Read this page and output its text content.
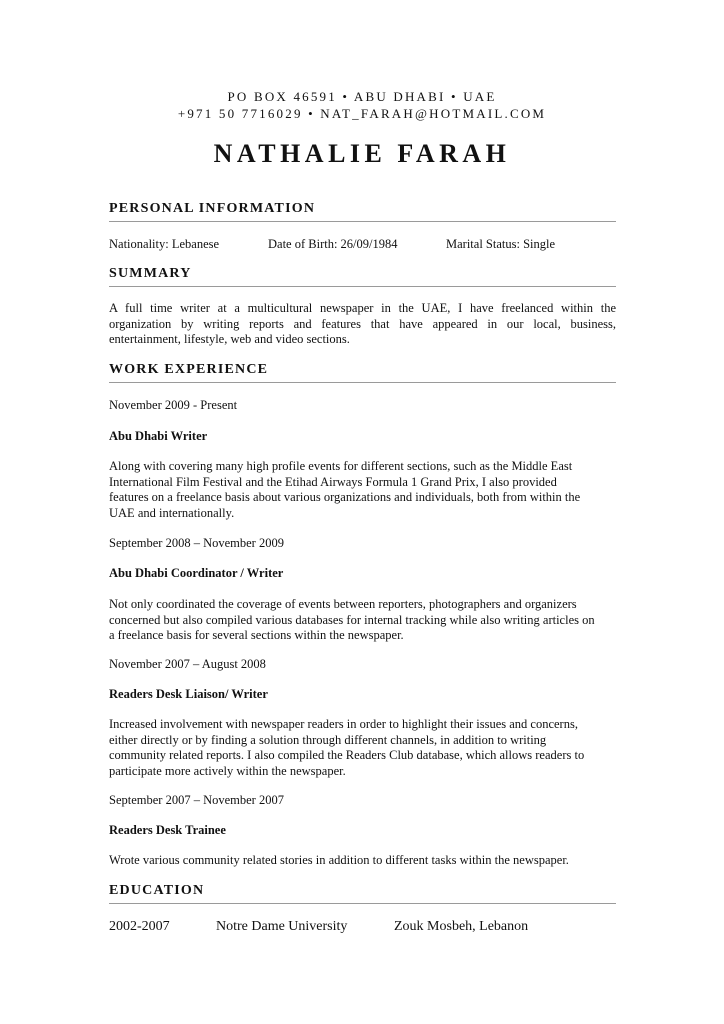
PO BOX 46591 • ABU DHABI • UAE
+971 50 7716029 • NAT_FARAH@HOTMAIL.COM
NATHALIE FARAH
PERSONAL INFORMATION
Nationality: Lebanese	Date of Birth: 26/09/1984	Marital Status: Single
SUMMARY
A full time writer at a multicultural newspaper in the UAE, I have freelanced within the
organization by writing reports and features that have appeared in our local, business,
entertainment, lifestyle, web and video sections.
WORK EXPERIENCE
November 2009 - Present
Abu Dhabi Writer
Along with covering many high profile events for different sections, such as the Middle East
International Film Festival and the Etihad Airways Formula 1 Grand Prix, I also provided
features on a freelance basis about various organizations and individuals, both from within the
UAE and internationally.
September 2008 – November 2009
Abu Dhabi Coordinator / Writer
Not only coordinated the coverage of events between reporters, photographers and organizers
concerned but also compiled various databases for internal tracking while also writing articles on
a freelance basis for several sections within the newspaper.
November 2007 – August 2008
Readers Desk Liaison/ Writer
Increased involvement with newspaper readers in order to highlight their issues and concerns,
either directly or by finding a solution through different channels, in addition to writing
community related reports. I also compiled the Readers Club database, which allows readers to
participate more actively within the newspaper.
September 2007 – November 2007
Readers Desk Trainee
Wrote various community related stories in addition to different tasks within the newspaper.
EDUCATION
2002-2007	Notre Dame University	Zouk Mosbeh, Lebanon
